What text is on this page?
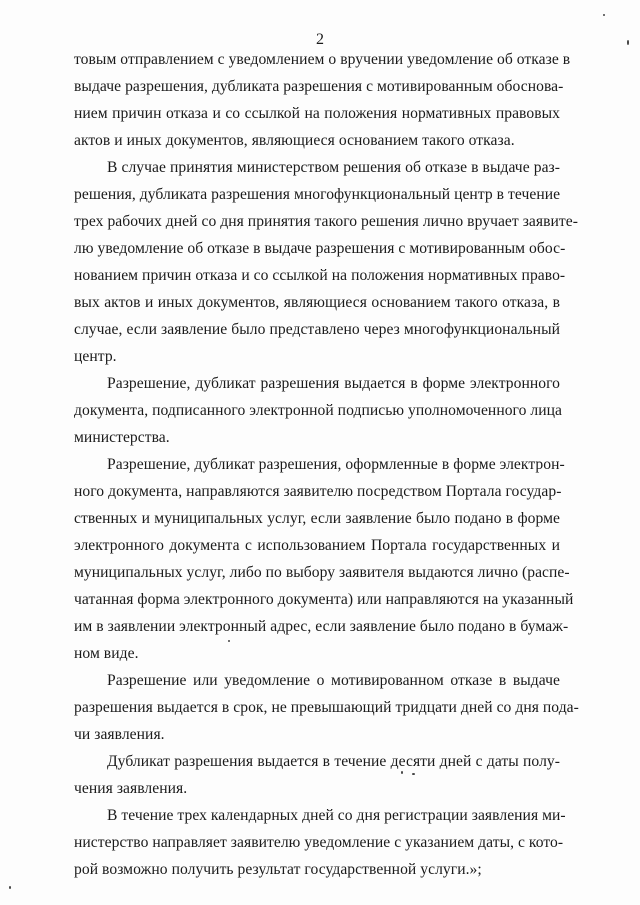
2
товым отправлением с уведомлением о вручении уведомление об отказе в
выдаче разрешения, дубликата разрешения с мотивированным обоснова-
нием причин отказа и со ссылкой на положения нормативных правовых
актов и иных документов, являющиеся основанием такого отказа.
В случае принятия министерством решения об отказе в выдаче раз-
решения, дубликата разрешения многофункциональный центр в течение
трех рабочих дней со дня принятия такого решения лично вручает заявите-
лю уведомление об отказе в выдаче разрешения с мотивированным обос-
нованием причин отказа и со ссылкой на положения нормативных право-
вых актов и иных документов, являющиеся основанием такого отказа, в
случае, если заявление было представлено через многофункциональный
центр.
Разрешение, дубликат разрешения выдается в форме электронного
документа, подписанного электронной подписью уполномоченного лица
министерства.
Разрешение, дубликат разрешения, оформленные в форме электрон-
ного документа, направляются заявителю посредством Портала государ-
ственных и муниципальных услуг, если заявление было подано в форме
электронного документа с использованием Портала государственных и
муниципальных услуг, либо по выбору заявителя выдаются лично (распе-
чатанная форма электронного документа) или направляются на указанный
им в заявлении электронный адрес, если заявление было подано в бумаж-
ном виде.
Разрешение или уведомление о мотивированном отказе в выдаче
разрешения выдается в срок, не превышающий тридцати дней со дня пода-
чи заявления.
Дубликат разрешения выдается в течение десяти дней с даты полу-
чения заявления.
В течение трех календарных дней со дня регистрации заявления ми-
нистерство направляет заявителю уведомление с указанием даты, с кото-
рой возможно получить результат государственной услуги.»;
